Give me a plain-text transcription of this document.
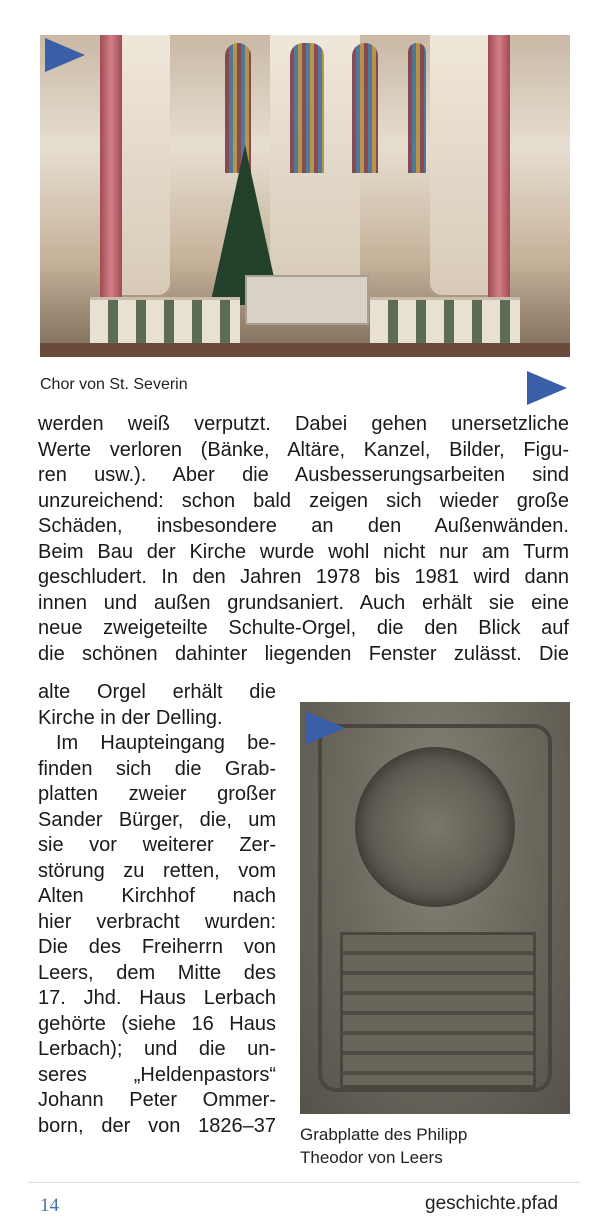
Chor von St. Severin
werden weiß verputzt. Dabei gehen unersetzliche
Werte verloren (Bänke, Altäre, Kanzel, Bilder, Figu-
ren usw.). Aber die Ausbesserungsarbeiten sind
unzureichend: schon bald zeigen sich wieder große
Schäden, insbesondere an den Außenwänden.
Beim Bau der Kirche wurde wohl nicht nur am Turm
geschludert. In den Jahren 1978 bis 1981 wird dann
innen und außen grundsaniert. Auch erhält sie eine
neue zweigeteilte Schulte-Orgel, die den Blick auf
die schönen dahinter liegenden Fenster zulässt. Die
alte Orgel erhält die
Kirche in der Delling.
Im Haupteingang be-
finden sich die Grab-
platten zweier großer
Sander Bürger, die, um
sie vor weiterer Zer-
störung zu retten, vom
Alten Kirchhof nach
hier verbracht wurden:
Die des Freiherrn von
Leers, dem Mitte des
17. Jhd. Haus Lerbach
gehörte (siehe 16 Haus
Lerbach); und die un-
seres „Heldenpastors“
Johann Peter Ommer-
born, der von 1826–37 Grabplatte des Philipp
Theodor von Leers
14	geschichte.pfad
